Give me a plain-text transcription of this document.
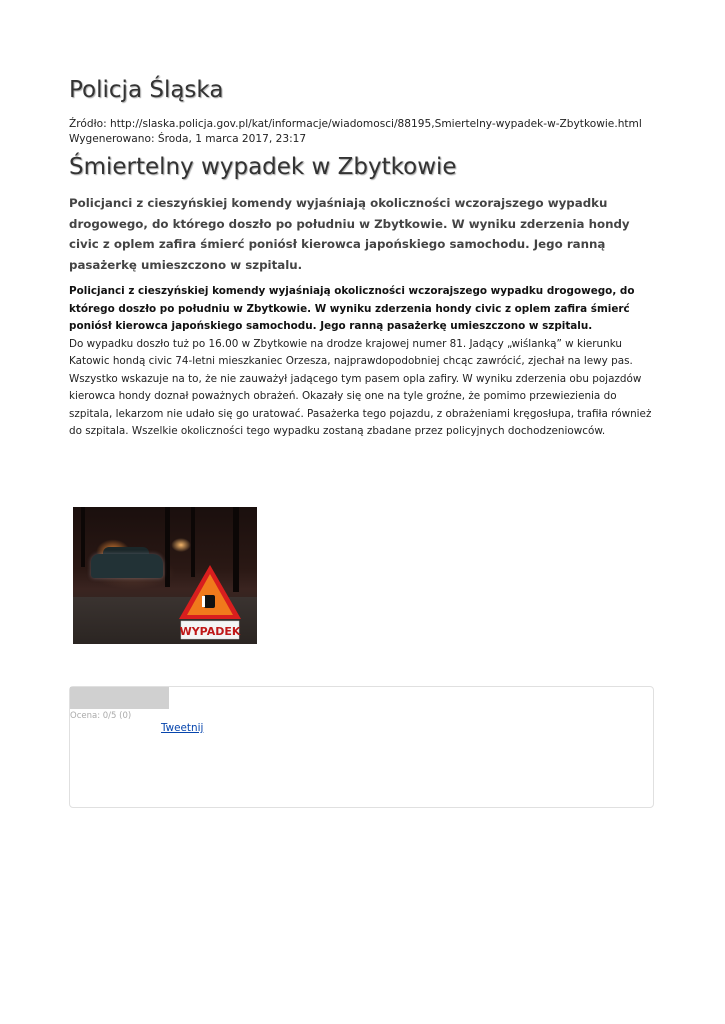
Policja Śląska
Źródło: http://slaska.policja.gov.pl/kat/informacje/wiadomosci/88195,Smiertelny-wypadek-w-Zbytkowie.html
Wygenerowano: Środa, 1 marca 2017, 23:17
Śmiertelny wypadek w Zbytkowie

Policjanci z cieszyńskiej komendy wyjaśniają okoliczności wczorajszego wypadku drogowego, do którego doszło po południu w Zbytkowie. W wyniku zderzenia hondy civic z oplem zafira śmierć poniósł kierowca japońskiego samochodu. Jego ranną pasażerkę umieszczono w szpitalu.

Policjanci z cieszyńskiej komendy wyjaśniają okoliczności wczorajszego wypadku drogowego, do którego doszło po południu w Zbytkowie. W wyniku zderzenia hondy civic z oplem zafira śmierć poniósł kierowca japońskiego samochodu. Jego ranną pasażerkę umieszczono w szpitalu.

Do wypadku doszło tuż po 16.00 w Zbytkowie na drodze krajowej numer 81. Jadący „wiślanką” w kierunku Katowic hondą civic 74-letni mieszkaniec Orzesza, najprawdopodobniej chcąc zawrócić, zjechał na lewy pas. Wszystko wskazuje na to, że nie zauważył jadącego tym pasem opla zafiry. W wyniku zderzenia obu pojazdów kierowca hondy doznał poważnych obrażeń. Okazały się one na tyle groźne, że pomimo przewiezienia do szpitala, lekarzom nie udało się go uratować. Pasażerka tego pojazdu, z obrażeniami kręgosłupa, trafiła również do szpitala. Wszelkie okoliczności tego wypadku zostaną zbadane przez policyjnych dochodzeniowców.

WYPADEK
Ocena: 0/5 (0)
Tweetnij
